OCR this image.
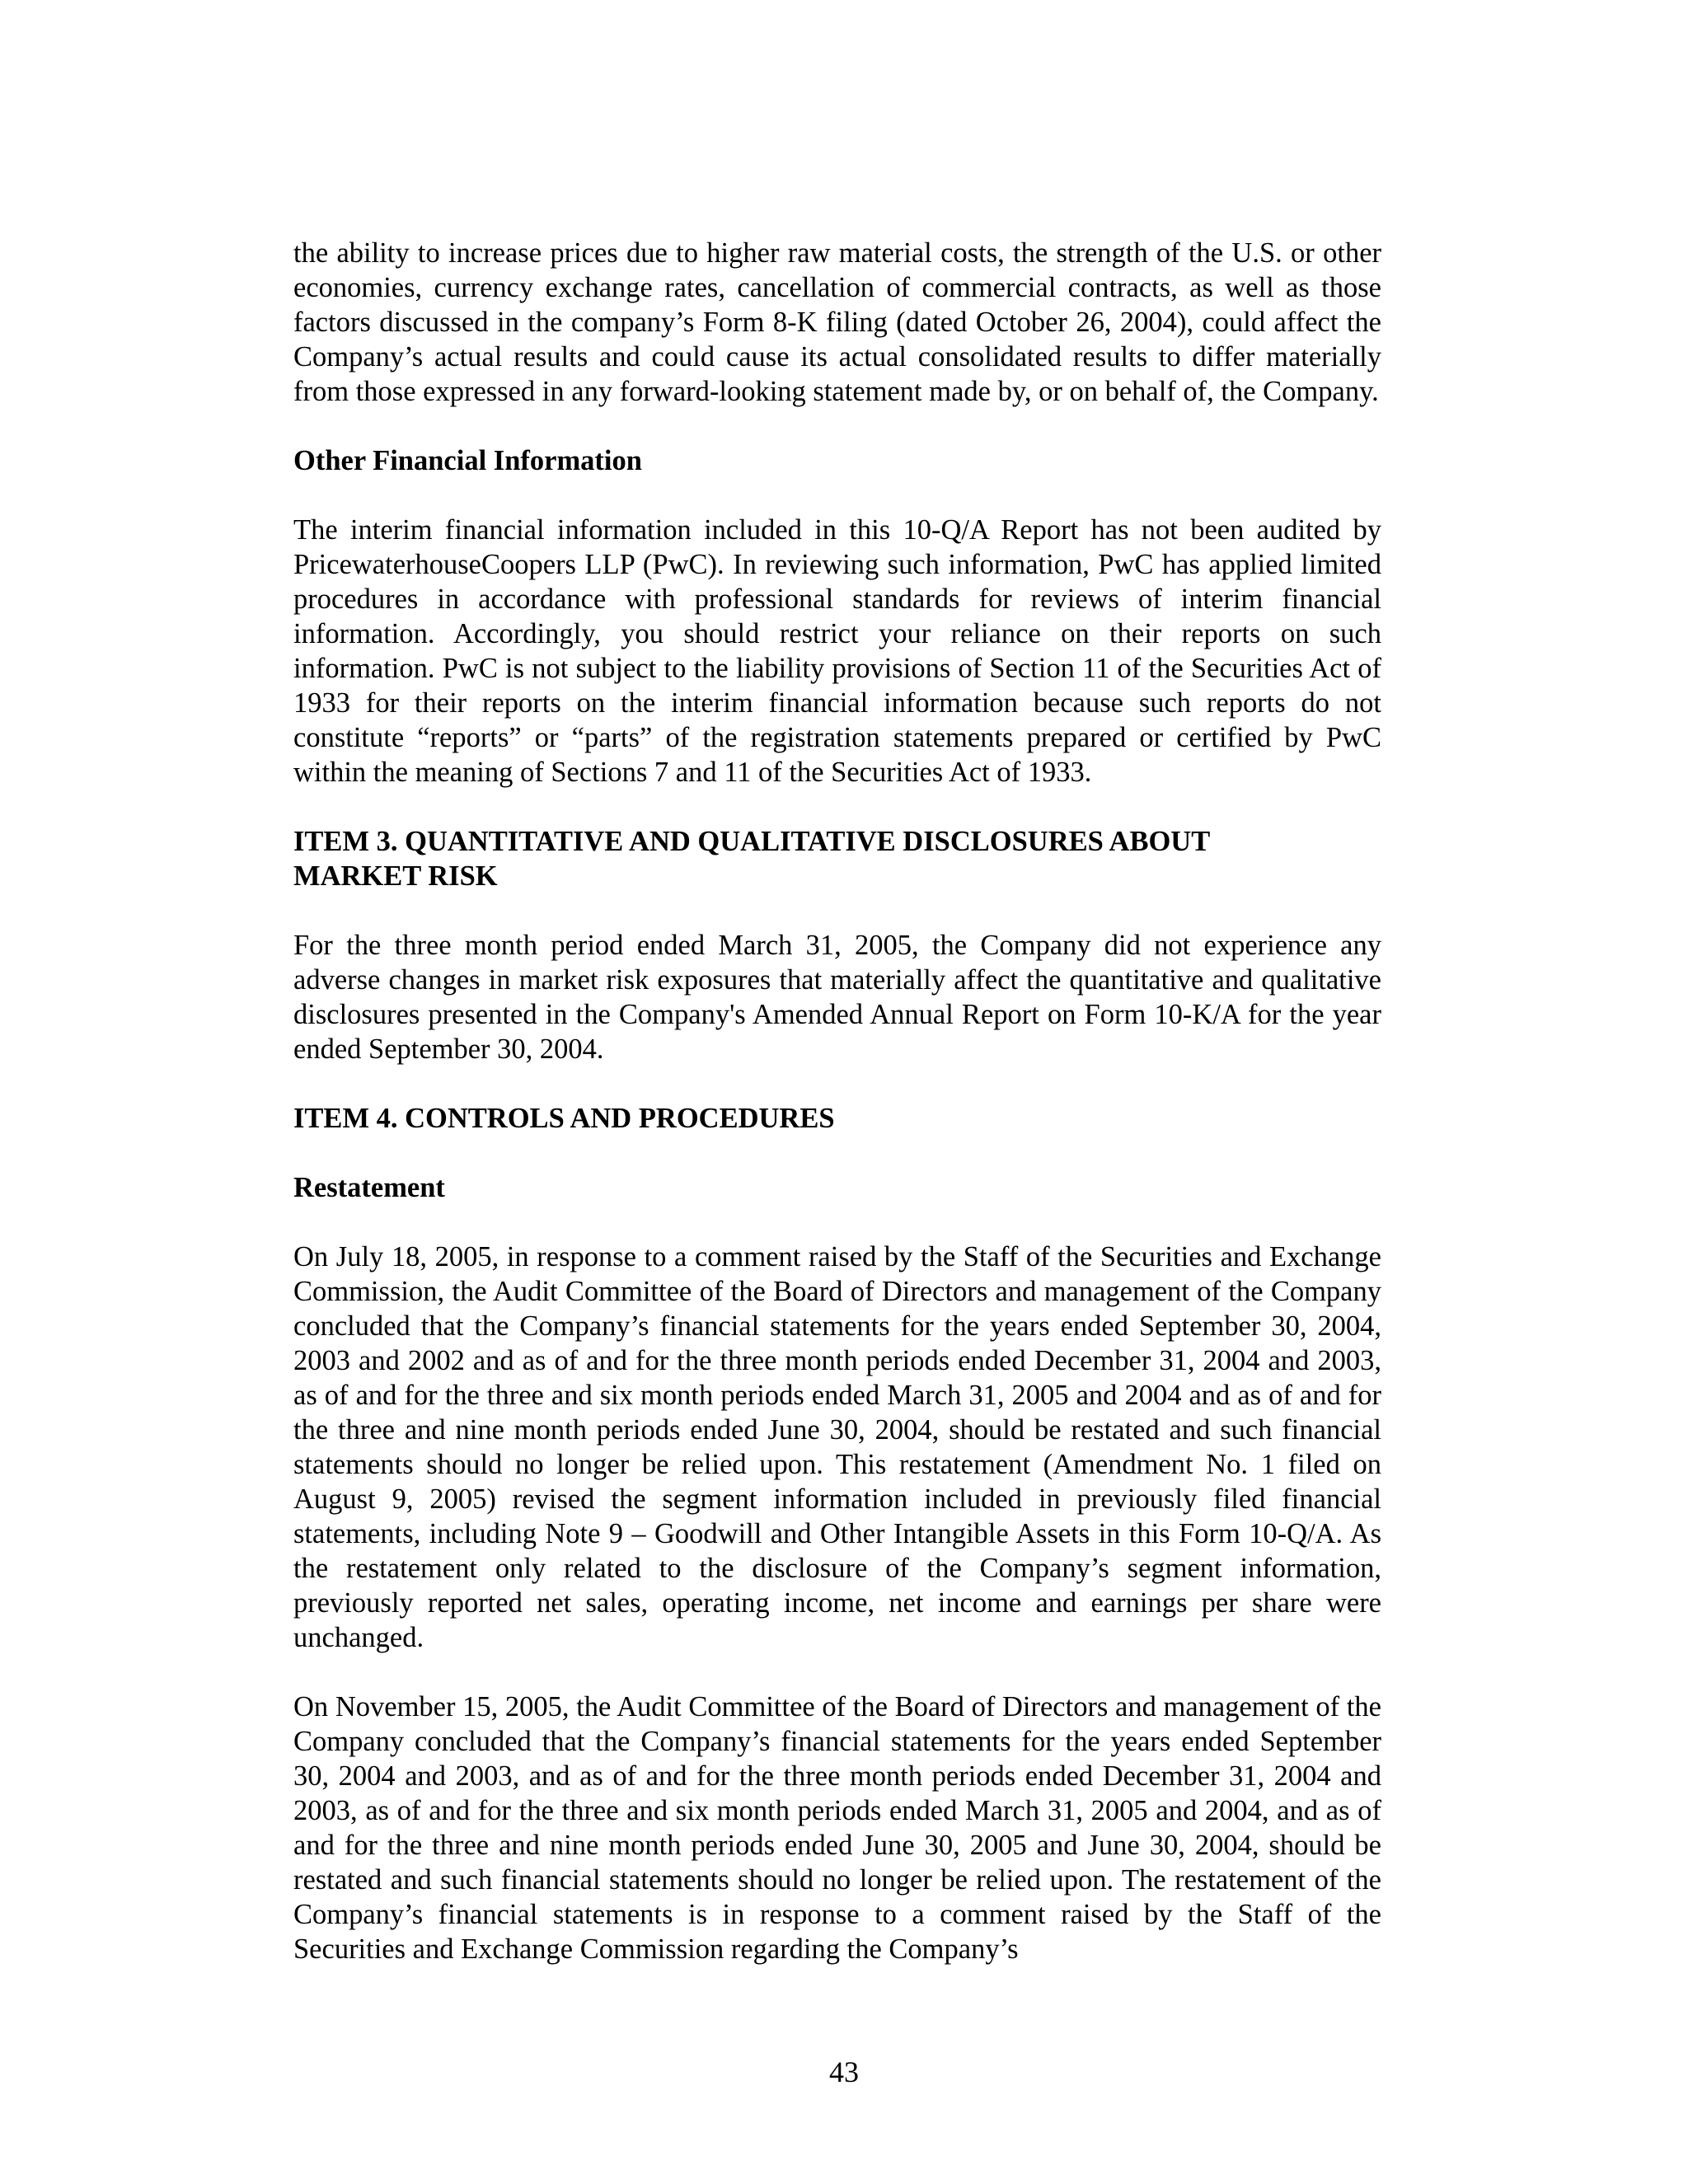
the ability to increase prices due to higher raw material costs, the strength of the U.S. or other economies, currency exchange rates, cancellation of commercial contracts, as well as those factors discussed in the company’s Form 8-K filing (dated October 26, 2004), could affect the Company’s actual results and could cause its actual consolidated results to differ materially from those expressed in any forward-looking statement made by, or on behalf of, the Company.

Other Financial Information

The interim financial information included in this 10-Q/A Report has not been audited by PricewaterhouseCoopers LLP (PwC). In reviewing such information, PwC has applied limited procedures in accordance with professional standards for reviews of interim financial information. Accordingly, you should restrict your reliance on their reports on such information. PwC is not subject to the liability provisions of Section 11 of the Securities Act of 1933 for their reports on the interim financial information because such reports do not constitute “reports” or “parts” of the registration statements prepared or certified by PwC within the meaning of Sections 7 and 11 of the Securities Act of 1933.

ITEM 3. QUANTITATIVE AND QUALITATIVE DISCLOSURES ABOUT
MARKET RISK

For the three month period ended March 31, 2005, the Company did not experience any adverse changes in market risk exposures that materially affect the quantitative and qualitative disclosures presented in the Company's Amended Annual Report on Form 10-K/A for the year ended September 30, 2004.

ITEM 4. CONTROLS AND PROCEDURES
Restatement

On July 18, 2005, in response to a comment raised by the Staff of the Securities and Exchange Commission, the Audit Committee of the Board of Directors and management of the Company concluded that the Company’s financial statements for the years ended September 30, 2004, 2003 and 2002 and as of and for the three month periods ended December 31, 2004 and 2003, as of and for the three and six month periods ended March 31, 2005 and 2004 and as of and for the three and nine month periods ended June 30, 2004, should be restated and such financial statements should no longer be relied upon. This restatement (Amendment No. 1 filed on August 9, 2005) revised the segment information included in previously filed financial statements, including Note 9 – Goodwill and Other Intangible Assets in this Form 10-Q/A. As the restatement only related to the disclosure of the Company’s segment information, previously reported net sales, operating income, net income and earnings per share were unchanged.

On November 15, 2005, the Audit Committee of the Board of Directors and management of the Company concluded that the Company’s financial statements for the years ended September 30, 2004 and 2003, and as of and for the three month periods ended December 31, 2004 and 2003, as of and for the three and six month periods ended March 31, 2005 and 2004, and as of and for the three and nine month periods ended June 30, 2005 and June 30, 2004, should be restated and such financial statements should no longer be relied upon. The restatement of the Company’s financial statements is in response to a comment raised by the Staff of the Securities and Exchange Commission regarding the Company’s

43
